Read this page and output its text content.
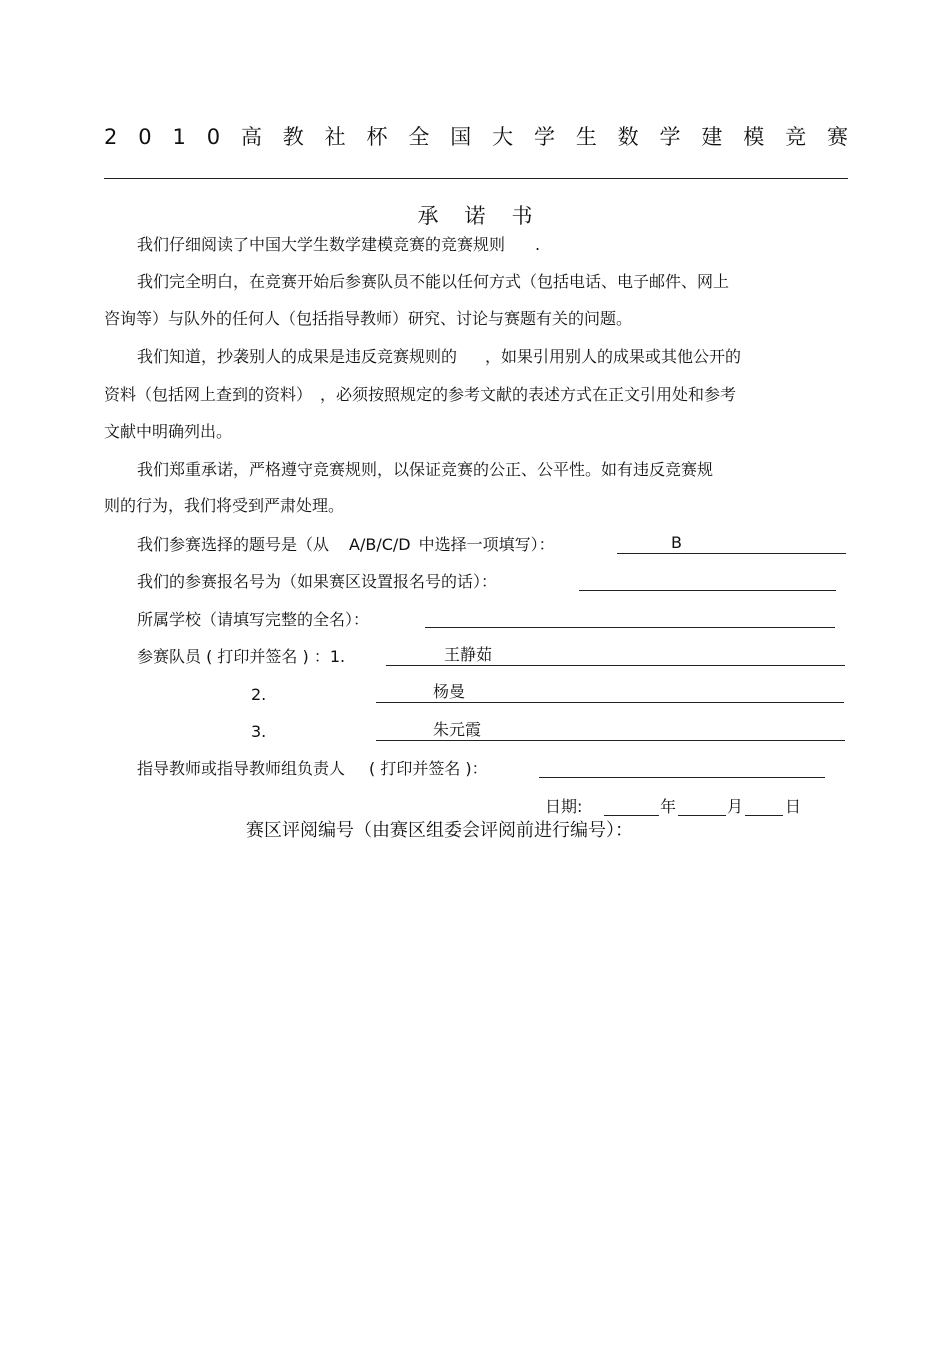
2 0 1 0 高 教 社 杯 全 国 大 学 生 数 学 建 模 竞 赛
承诺书
我们仔细阅读了中国大学生数学建模竞赛的竞赛规则 .
我们完全明白，在竞赛开始后参赛队员不能以任何方式（包括电话、电子邮件、网上
咨询等）与队外的任何人（包括指导教师）研究、讨论与赛题有关的问题。
我们知道，抄袭别人的成果是违反竞赛规则的 ，如果引用别人的成果或其他公开的
资料（包括网上查到的资料） ，必须按照规定的参考文献的表述方式在正文引用处和参考
文献中明确列出。
我们郑重承诺，严格遵守竞赛规则，以保证竞赛的公正、公平性。如有违反竞赛规
则的行为，我们将受到严肃处理。
我们参赛选择的题号是（从 A/B/C/D 中选择一项填写）：	B
我们的参赛报名号为（如果赛区设置报名号的话）：
所属学校（请填写完整的全名）：
参赛队员 ( 打印并签名 ) ：1.	王静茹
2.	杨曼
3.	朱元霞
指导教师或指导教师组负责人 ( 打印并签名 )：
日期:	年	月	日
赛区评阅编号（由赛区组委会评阅前进行编号）：
